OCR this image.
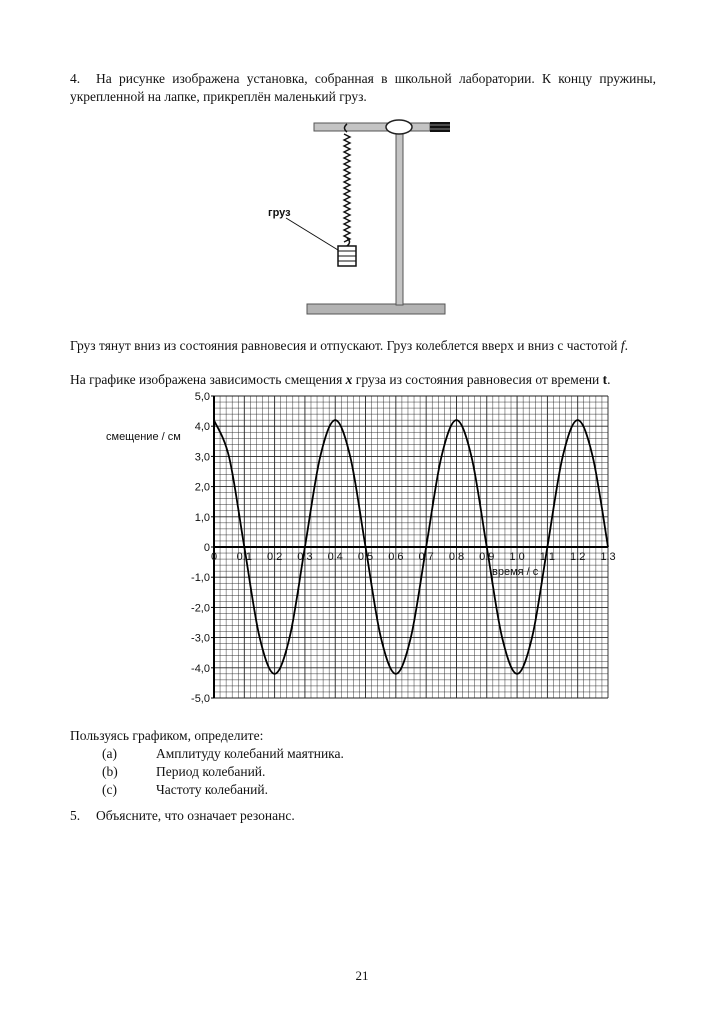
4. На рисунке изображена установка, собранная в школьной лаборатории. К концу пружины, укрепленной на лапке, прикреплён маленький груз.
груз
Груз тянут вниз из состояния равновесия и отпускают. Груз колеблется вверх и вниз с частотой f.
На графике изображена зависимость смещения x груза из состояния равновесия от времени t.
5,0
4,0
3,0
2,0
1,0
0
-1,0
-2,0
-3,0
-4,0
-5,0
0 0.1 0.2 0.3 0.4 0.5 0.6 0.7 0.8 0.9 1.0 1.1 1.2 1.3
смещение / см
время / с
Пользуясь графиком, определите:
(a)	Амплитуду колебаний маятника.
(b)	Период колебаний.
(c)	Частоту колебаний.
5. Объясните, что означает резонанс.
21
